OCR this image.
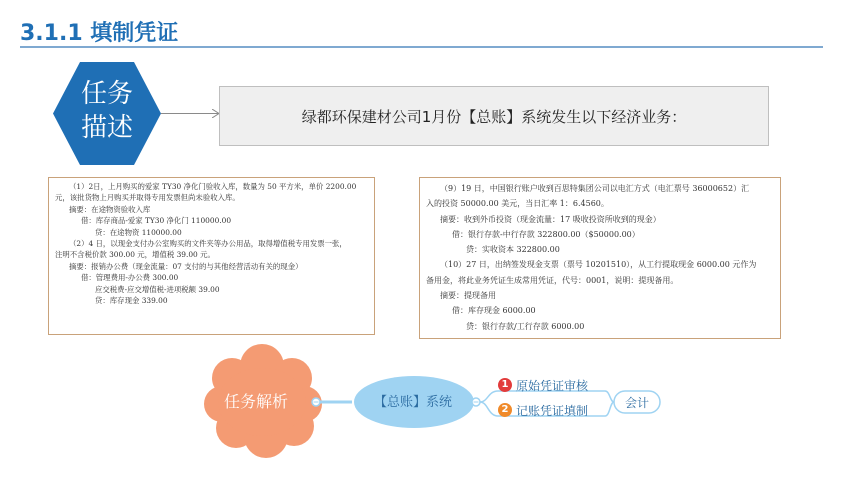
3.1.1 填制凭证
任务
描述	绿都环保建材公司1月份【总账】系统发生以下经济业务：

（1）2日，上月购买的爱家 TY30 净化门验收入库，数量为 50 平方米，单价 2200.00

元，该批货物上月购买并取得专用发票但尚未验收入库。

摘要：在途物资验收入库

借：库存商品-爱家 TY30 净化门 110000.00

贷：在途物资 110000.00

（2）4 日，以现金支付办公室购买的文件夹等办公用品，取得增值税专用发票一张，

注明不含税价款 300.00 元，增值税 39.00 元。

摘要：报销办公费（现金流量：07 支付的与其他经营活动有关的现金）

借：管理费用-办公费 300.00

应交税费-应交增值税-进项税额 39.00

贷：库存现金 339.00

（9）19 日，中国银行账户收到百思特集团公司以电汇方式（电汇票号 36000652）汇

入的投资 50000.00 美元，当日汇率 1：6.4560。

摘要：收到外币投资（现金流量：17 吸收投资所收到的现金）

借：银行存款-中行存款 322800.00（$50000.00）

贷：实收资本 322800.00

（10）27 日，出纳签发现金支票（票号 10201510），从工行提取现金 6000.00 元作为

备用金，将此业务凭证生成常用凭证，代号：0001，说明：提现备用。

摘要：提现备用

借：库存现金 6000.00

贷：银行存款/工行存款 6000.00

任务解析	【总账】系统
1 原始凭证审核
2 记账凭证填制
会计
